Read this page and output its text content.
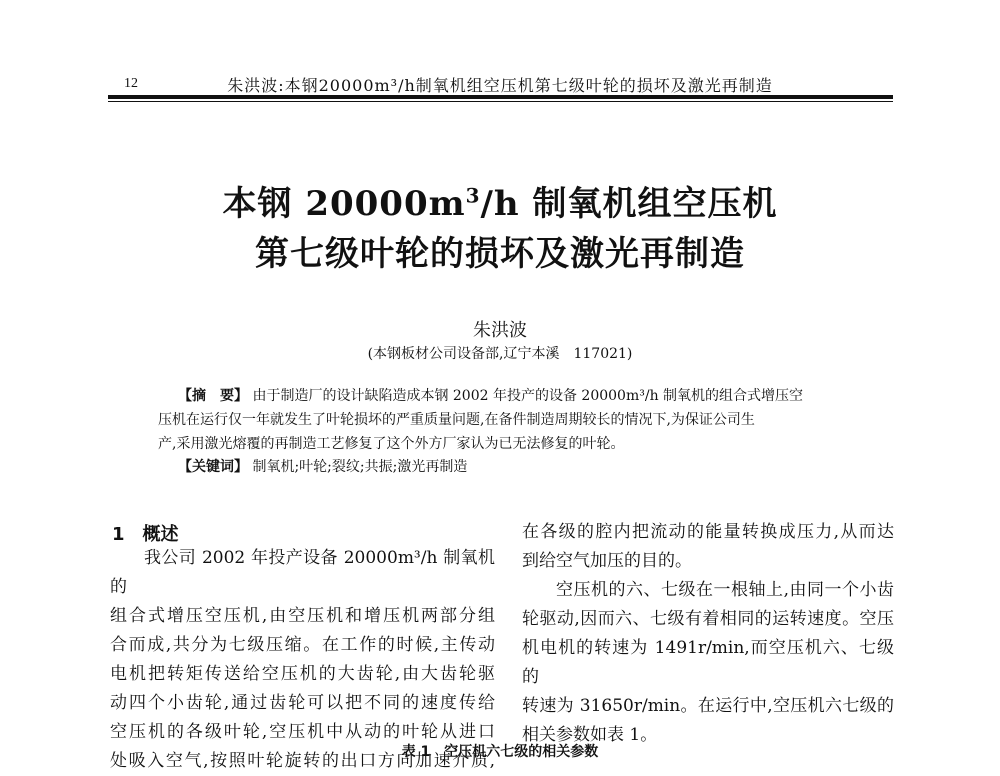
12	朱洪波:本钢20000m³/h制氧机组空压机第七级叶轮的损坏及激光再制造
本钢 $20000m^3/h$ 制氧机组空压机
第七级叶轮的损坏及激光再制造
朱洪波
(本钢板材公司设备部,辽宁本溪　117021)

【摘　要】 由于制造厂的设计缺陷造成本钢 2002 年投产的设备 20000m³/h 制氧机的组合式增压空

压机在运行仅一年就发生了叶轮损坏的严重质量问题,在备件制造周期较长的情况下,为保证公司生

产,采用激光熔覆的再制造工艺修复了这个外方厂家认为已无法修复的叶轮。

【关键词】 制氧机;叶轮;裂纹;共振;激光再制造
1　概述

我公司 2002 年投产设备 20000m³/h 制氧机的

组合式增压空压机,由空压机和增压机两部分组

合而成,共分为七级压缩。在工作的时候,主传动

电机把转矩传送给空压机的大齿轮,由大齿轮驱

动四个小齿轮,通过齿轮可以把不同的速度传给

空压机的各级叶轮,空压机中从动的叶轮从进口

处吸入空气,按照叶轮旋转的出口方向加速介质,

在各级的腔内把流动的能量转换成压力,从而达

到给空气加压的目的。

空压机的六、七级在一根轴上,由同一个小齿

轮驱动,因而六、七级有着相同的运转速度。空压

机电机的转速为 1491r/min,而空压机六、七级的

转速为 31650r/min。在运行中,空压机六七级的

相关参数如表 1。

表 1　空压机六七级的相关参数
